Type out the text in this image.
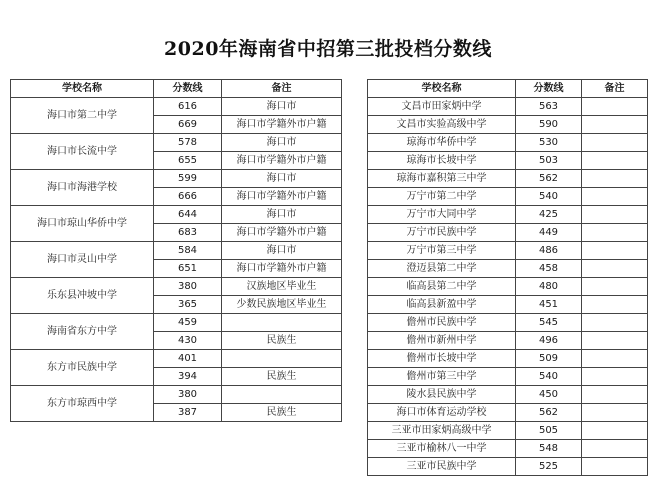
2020年海南省中招第三批投档分数线
学校名称	分数线	备注
海口市第二中学	616	海口市
	669	海口市学籍外市户籍
海口市长流中学	578	海口市
	655	海口市学籍外市户籍
海口市海港学校	599	海口市
	666	海口市学籍外市户籍
海口市琼山华侨中学	644	海口市
	683	海口市学籍外市户籍
海口市灵山中学	584	海口市
	651	海口市学籍外市户籍
乐东县冲坡中学	380	汉族地区毕业生
	365	少数民族地区毕业生
海南省东方中学	459	
	430	民族生
东方市民族中学	401	
	394	民族生
东方市琼西中学	380	
	387	民族生
学校名称	分数线	备注
文昌市田家炳中学	563	
文昌市实验高级中学	590	
琼海市华侨中学	530	
琼海市长坡中学	503	
琼海市嘉积第三中学	562	
万宁市第二中学	540	
万宁市大同中学	425	
万宁市民族中学	449	
万宁市第三中学	486	
澄迈县第二中学	458	
临高县第二中学	480	
临高县新盈中学	451	
儋州市民族中学	545	
儋州市新州中学	496	
儋州市长坡中学	509	
儋州市第三中学	540	
陵水县民族中学	450	
海口市体育运动学校	562	
三亚市田家炳高级中学	505	
三亚市榆林八一中学	548	
三亚市民族中学	525	
